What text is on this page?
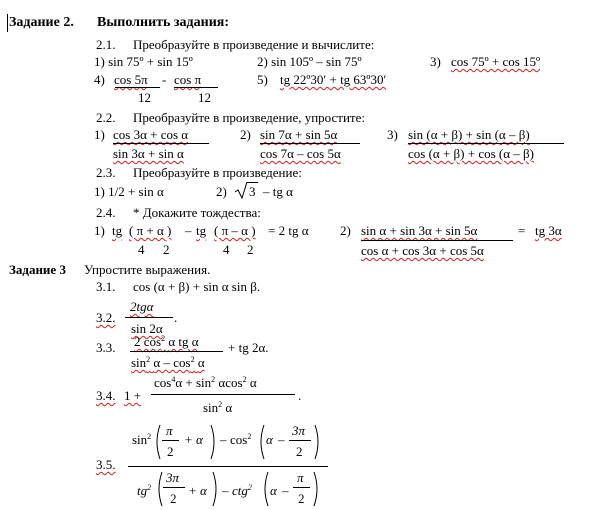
Задание 2. Выполнить задания:
2.1. Преобразуйте в произведение и вычислите:
1) sin 75º + sin 15º	2) sin 105º – sin 75º	3) cos 75º + cos 15º
4) cos 5π - cos π
12	12
5) tg 22º30′ + tg 63º30′
2.2. Преобразуйте в произведение, упростите:
1) cos 3α + cos α
sin 3α + sin α
2) sin 7α + sin 5α
cos 7α – cos 5α
3) sin (α + β) + sin (α – β)
cos (α + β) + cos (α – β)
2.3. Преобразуйте в произведение:
1) 1/2 + sin α	2) 3 – tg α
2.4. * Докажите тождества:
1) tg ( π + α ) – tg ( π – α )
4 2	4 2
= 2 tg α 2) sin α + sin 3α + sin 5α
cos α + cos 3α + cos 5α
= tg 3α
Задание 3 Упростите выражения.
3.1. cos (α + β) + sin α sin β.
3.2.
2tgα
sin 2α
.
3.3. 2 $\cos^2 \alpha$ tg α
$\sin^2 \alpha - \cos^2 \alpha$
+ tg 2α.
3.4. 1 +
$\cos^4\alpha + \sin^2 \alpha\cos^2$ α
$\sin^2 \alpha$
.
3.5.
$\sin^2 \pi$
2
+ α – $\cos^2 \alpha$ –
3π
2
$tg^2$
3π
2
+ α – ctg$^2$ α –
π
2
